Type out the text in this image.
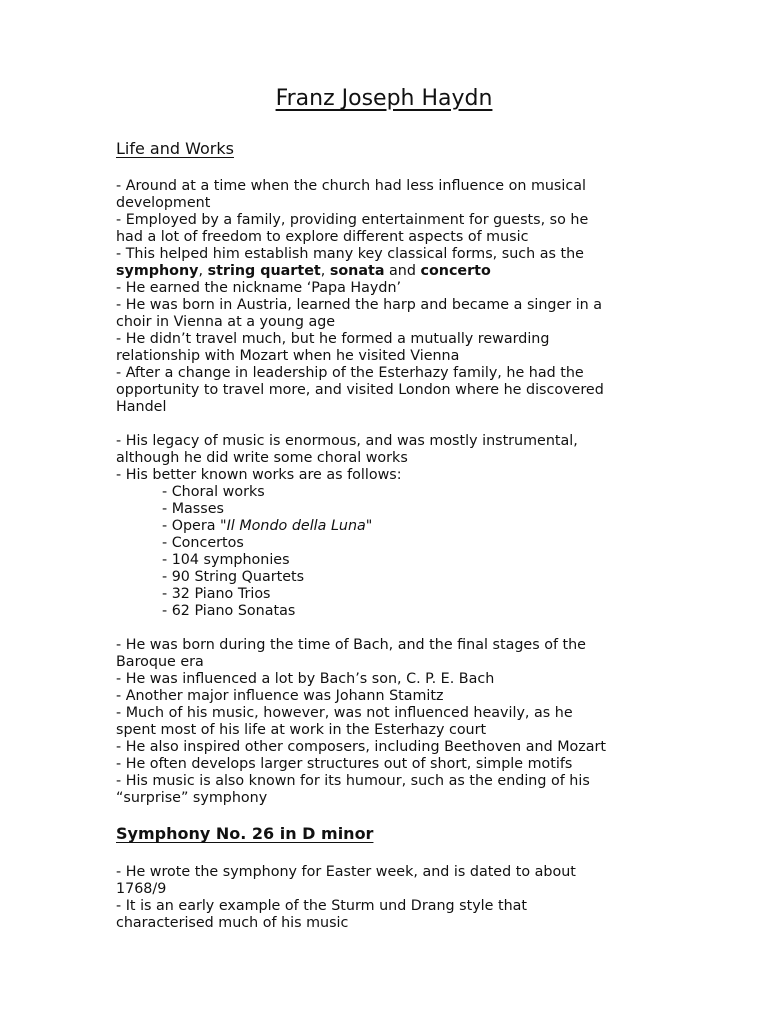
Franz Joseph Haydn
Life and Works
- Around at a time when the church had less influence on musical
development
- Employed by a family, providing entertainment for guests, so he
had a lot of freedom to explore different aspects of music
- This helped him establish many key classical forms, such as the
symphony, string quartet, sonata and concerto
- He earned the nickname ‘Papa Haydn’
- He was born in Austria, learned the harp and became a singer in a
choir in Vienna at a young age
- He didn’t travel much, but he formed a mutually rewarding
relationship with Mozart when he visited Vienna
- After a change in leadership of the Esterhazy family, he had the
opportunity to travel more, and visited London where he discovered
Handel
- His legacy of music is enormous, and was mostly instrumental,
although he did write some choral works
- His better known works are as follows:
- Choral works
- Masses
- Opera "Il Mondo della Luna"
- Concertos
- 104 symphonies
- 90 String Quartets
- 32 Piano Trios
- 62 Piano Sonatas
- He was born during the time of Bach, and the final stages of the
Baroque era
- He was influenced a lot by Bach’s son, C. P. E. Bach
- Another major influence was Johann Stamitz
- Much of his music, however, was not influenced heavily, as he
spent most of his life at work in the Esterhazy court
- He also inspired other composers, including Beethoven and Mozart
- He often develops larger structures out of short, simple motifs
- His music is also known for its humour, such as the ending of his
“surprise” symphony
Symphony No. 26 in D minor
- He wrote the symphony for Easter week, and is dated to about
1768/9
- It is an early example of the Sturm und Drang style that
characterised much of his music
